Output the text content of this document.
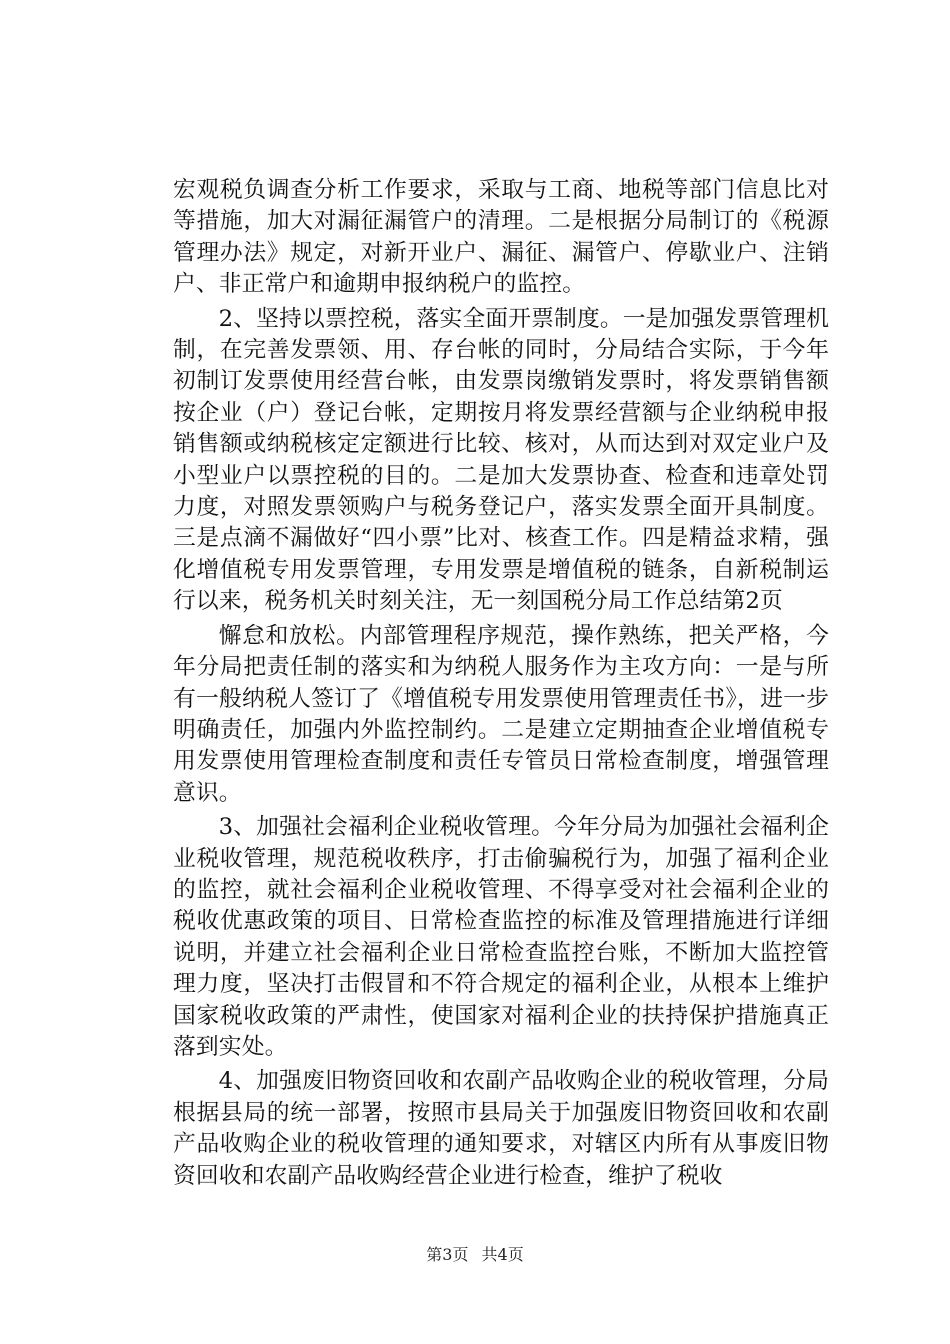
宏观税负调查分析工作要求，采取与工商、地税等部门信息比对等措施，加大对漏征漏管户的清理。二是根据分局制订的《税源管理办法》规定，对新开业户、漏征、漏管户、停歇业户、注销户、非正常户和逾期申报纳税户的监控。

2、坚持以票控税，落实全面开票制度。一是加强发票管理机制，在完善发票领、用、存台帐的同时，分局结合实际，于今年初制订发票使用经营台帐，由发票岗缴销发票时，将发票销售额按企业（户）登记台帐，定期按月将发票经营额与企业纳税申报销售额或纳税核定定额进行比较、核对，从而达到对双定业户及小型业户以票控税的目的。二是加大发票协查、检查和违章处罚力度，对照发票领购户与税务登记户，落实发票全面开具制度。三是点滴不漏做好“四小票”比对、核查工作。四是精益求精，强化增值税专用发票管理，专用发票是增值税的链条，自新税制运行以来，税务机关时刻关注，无一刻国税分局工作总结第2页

懈怠和放松。内部管理程序规范，操作熟练，把关严格，今年分局把责任制的落实和为纳税人服务作为主攻方向：一是与所有一般纳税人签订了《增值税专用发票使用管理责任书》，进一步明确责任，加强内外监控制约。二是建立定期抽查企业增值税专用发票使用管理检查制度和责任专管员日常检查制度，增强管理意识。

3、加强社会福利企业税收管理。今年分局为加强社会福利企业税收管理，规范税收秩序，打击偷骗税行为，加强了福利企业的监控，就社会福利企业税收管理、不得享受对社会福利企业的税收优惠政策的项目、日常检查监控的标准及管理措施进行详细说明，并建立社会福利企业日常检查监控台账，不断加大监控管理力度，坚决打击假冒和不符合规定的福利企业，从根本上维护国家税收政策的严肃性，使国家对福利企业的扶持保护措施真正落到实处。

4、加强废旧物资回收和农副产品收购企业的税收管理，分局根据县局的统一部署，按照市县局关于加强废旧物资回收和农副产品收购企业的税收管理的通知要求，对辖区内所有从事废旧物资回收和农副产品收购经营企业进行检查，维护了税收

第3页 共4页
